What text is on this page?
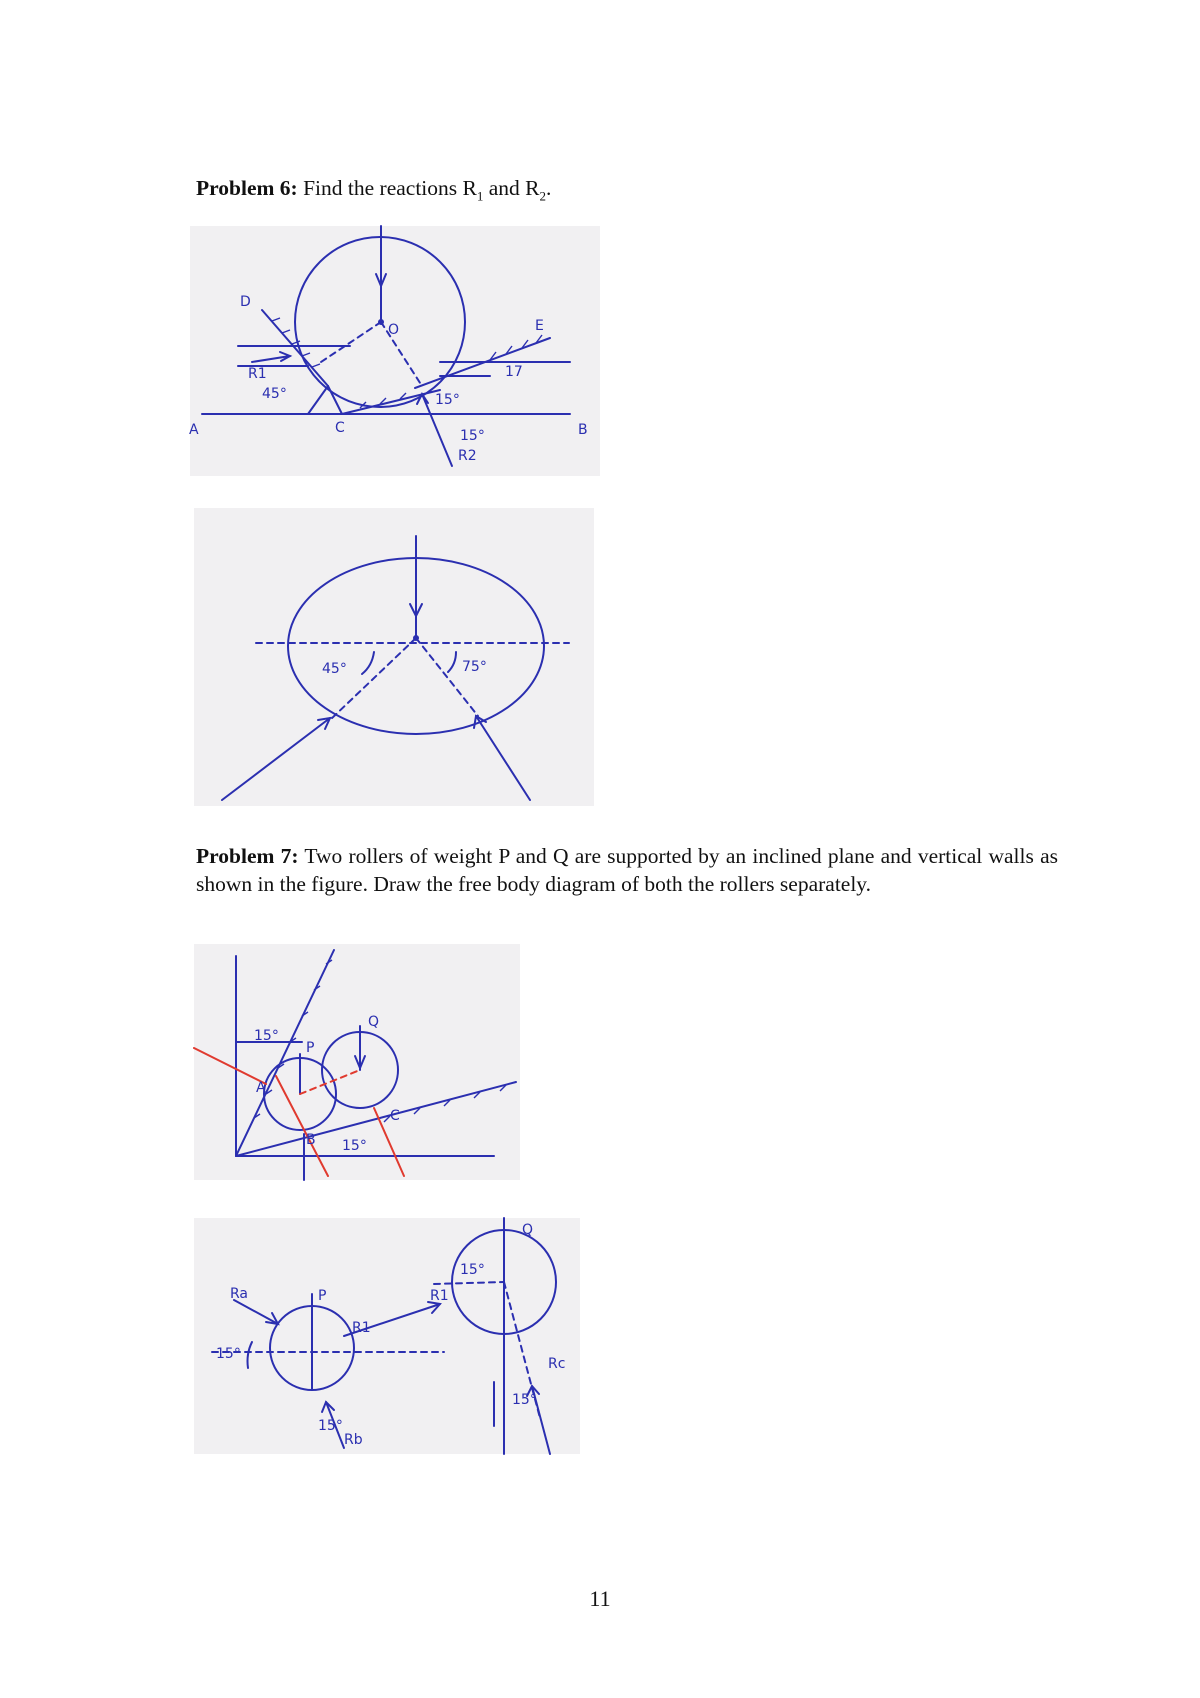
Problem 6: Find the reactions $R_1$ and $R_2$.

D
E
A	B
C
O
R1
R2
45°
17
15°
15°
45°	75°

Problem 7: Two rollers of weight P and Q are supported by an inclined plane and vertical walls as shown in the figure. Draw the free body diagram of both the rollers separately.

15°
P
Q
A
B
C
15°
Ra	P
R1
R1
Rb
Rc
Q
15°
15°
15°
15°
11
